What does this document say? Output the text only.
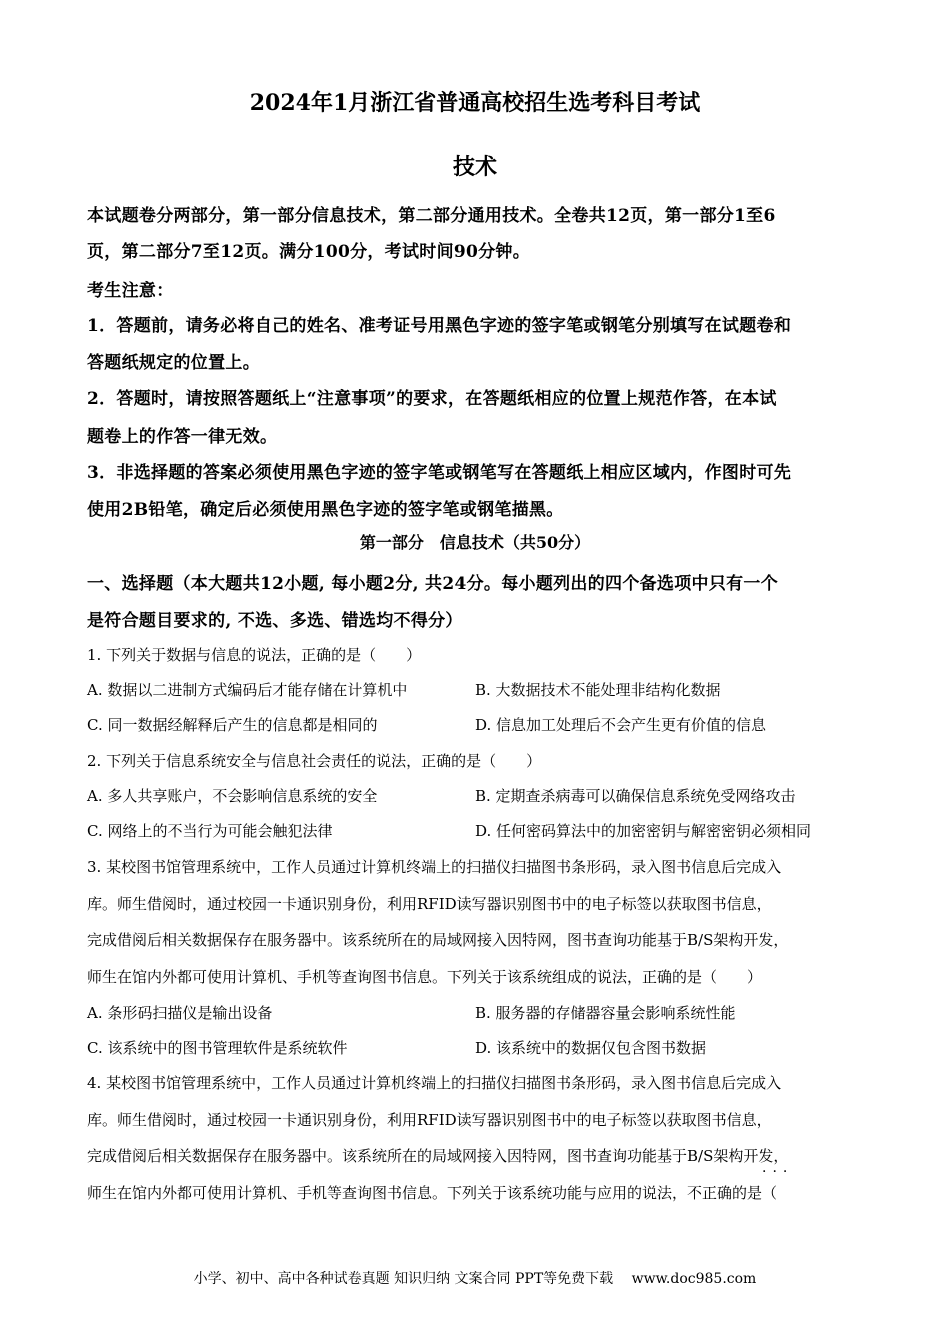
2024年1月浙江省普通高校招生选考科目考试
技术
本试题卷分两部分，第一部分信息技术，第二部分通用技术。全卷共12页，第一部分1至6
页，第二部分7至12页。满分100分，考试时间90分钟。
考生注意：
1．答题前，请务必将自己的姓名、准考证号用黑色字迹的签字笔或钢笔分别填写在试题卷和
答题纸规定的位置上。
2．答题时，请按照答题纸上“注意事项”的要求，在答题纸相应的位置上规范作答，在本试
题卷上的作答一律无效。
3．非选择题的答案必须使用黑色字迹的签字笔或钢笔写在答题纸上相应区域内，作图时可先
使用2B铅笔，确定后必须使用黑色字迹的签字笔或钢笔描黑。
第一部分　信息技术（共50分）
一、选择题（本大题共12小题, 每小题2分, 共24分。每小题列出的四个备选项中只有一个
是符合题目要求的, 不选、多选、错选均不得分）
1. 下列关于数据与信息的说法，正确的是（　　）
A. 数据以二进制方式编码后才能存储在计算机中	B. 大数据技术不能处理非结构化数据
C. 同一数据经解释后产生的信息都是相同的	D. 信息加工处理后不会产生更有价值的信息
2. 下列关于信息系统安全与信息社会责任的说法，正确的是（　　）
A. 多人共享账户，不会影响信息系统的安全	B. 定期查杀病毒可以确保信息系统免受网络攻击
C. 网络上的不当行为可能会触犯法律	D. 任何密码算法中的加密密钥与解密密钥必须相同
3. 某校图书馆管理系统中，工作人员通过计算机终端上的扫描仪扫描图书条形码，录入图书信息后完成入
库。师生借阅时，通过校园一卡通识别身份，利用RFID读写器识别图书中的电子标签以获取图书信息，
完成借阅后相关数据保存在服务器中。该系统所在的局域网接入因特网，图书查询功能基于B/S架构开发，
师生在馆内外都可使用计算机、手机等查询图书信息。下列关于该系统组成的说法，正确的是（　　）
A. 条形码扫描仪是输出设备	B. 服务器的存储器容量会影响系统性能
C. 该系统中的图书管理软件是系统软件	D. 该系统中的数据仅包含图书数据
4. 某校图书馆管理系统中，工作人员通过计算机终端上的扫描仪扫描图书条形码，录入图书信息后完成入
库。师生借阅时，通过校园一卡通识别身份，利用RFID读写器识别图书中的电子标签以获取图书信息，
完成借阅后相关数据保存在服务器中。该系统所在的局域网接入因特网，图书查询功能基于B/S架构开发，
···
师生在馆内外都可使用计算机、手机等查询图书信息。下列关于该系统功能与应用的说法，不正确的是（
小学、初中、高中各种试卷真题 知识归纳 文案合同 PPT等免费下载　 www.doc985.com
